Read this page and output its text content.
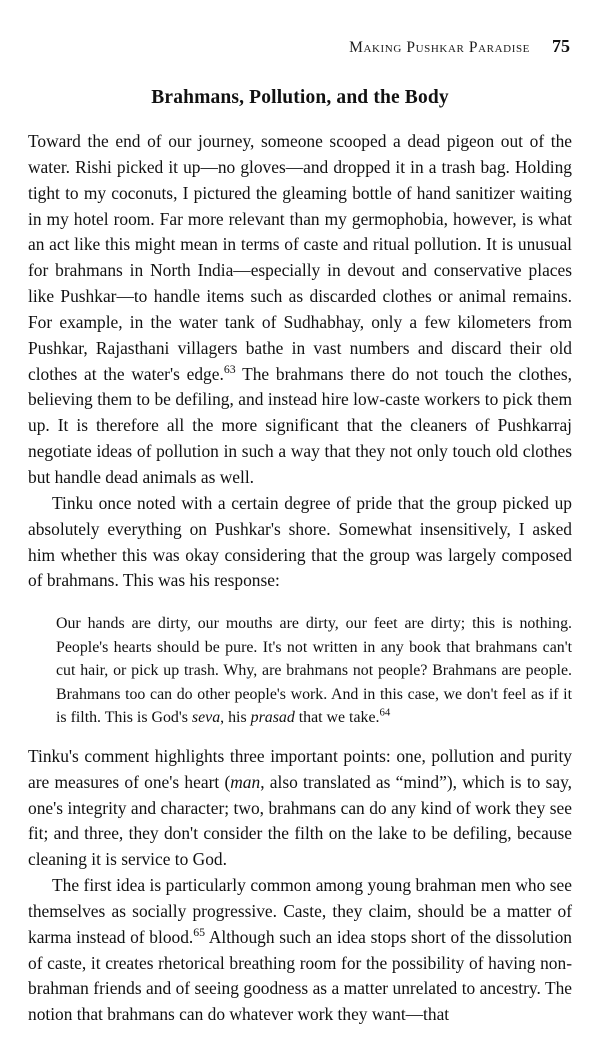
Making Pushkar Paradise 75
Brahmans, Pollution, and the Body

Toward the end of our journey, someone scooped a dead pigeon out of the water. Rishi picked it up—no gloves—and dropped it in a trash bag. Holding tight to my coconuts, I pictured the gleaming bottle of hand sanitizer waiting in my hotel room. Far more relevant than my germophobia, however, is what an act like this might mean in terms of caste and ritual pollution. It is unusual for brahmans in North India—especially in devout and conservative places like Pushkar—to handle items such as discarded clothes or animal remains. For example, in the water tank of Sudhabhay, only a few kilometers from Pushkar, Rajasthani villagers bathe in vast numbers and discard their old clothes at the water's edge.$^{63}$ The brahmans there do not touch the clothes, believing them to be defiling, and instead hire low-caste workers to pick them up. It is therefore all the more significant that the cleaners of Pushkarraj negotiate ideas of pollution in such a way that they not only touch old clothes but handle dead animals as well.

Tinku once noted with a certain degree of pride that the group picked up absolutely everything on Pushkar's shore. Somewhat insensitively, I asked him whether this was okay considering that the group was largely composed of brahmans. This was his response:

Our hands are dirty, our mouths are dirty, our feet are dirty; this is nothing. People's hearts should be pure. It's not written in any book that brahmans can't cut hair, or pick up trash. Why, are brahmans not people? Brahmans are people. Brahmans too can do other people's work. And in this case, we don't feel as if it is filth. This is God's seva, his prasad that we take.$^{64}$

Tinku's comment highlights three important points: one, pollution and purity are measures of one's heart (man, also translated as “mind”), which is to say, one's integrity and character; two, brahmans can do any kind of work they see fit; and three, they don't consider the filth on the lake to be defiling, because cleaning it is service to God.

The first idea is particularly common among young brahman men who see themselves as socially progressive. Caste, they claim, should be a matter of karma instead of blood.$^{65}$ Although such an idea stops short of the dissolution of caste, it creates rhetorical breathing room for the possibility of having non-brahman friends and of seeing goodness as a matter unrelated to ancestry. The notion that brahmans can do whatever work they want—that
